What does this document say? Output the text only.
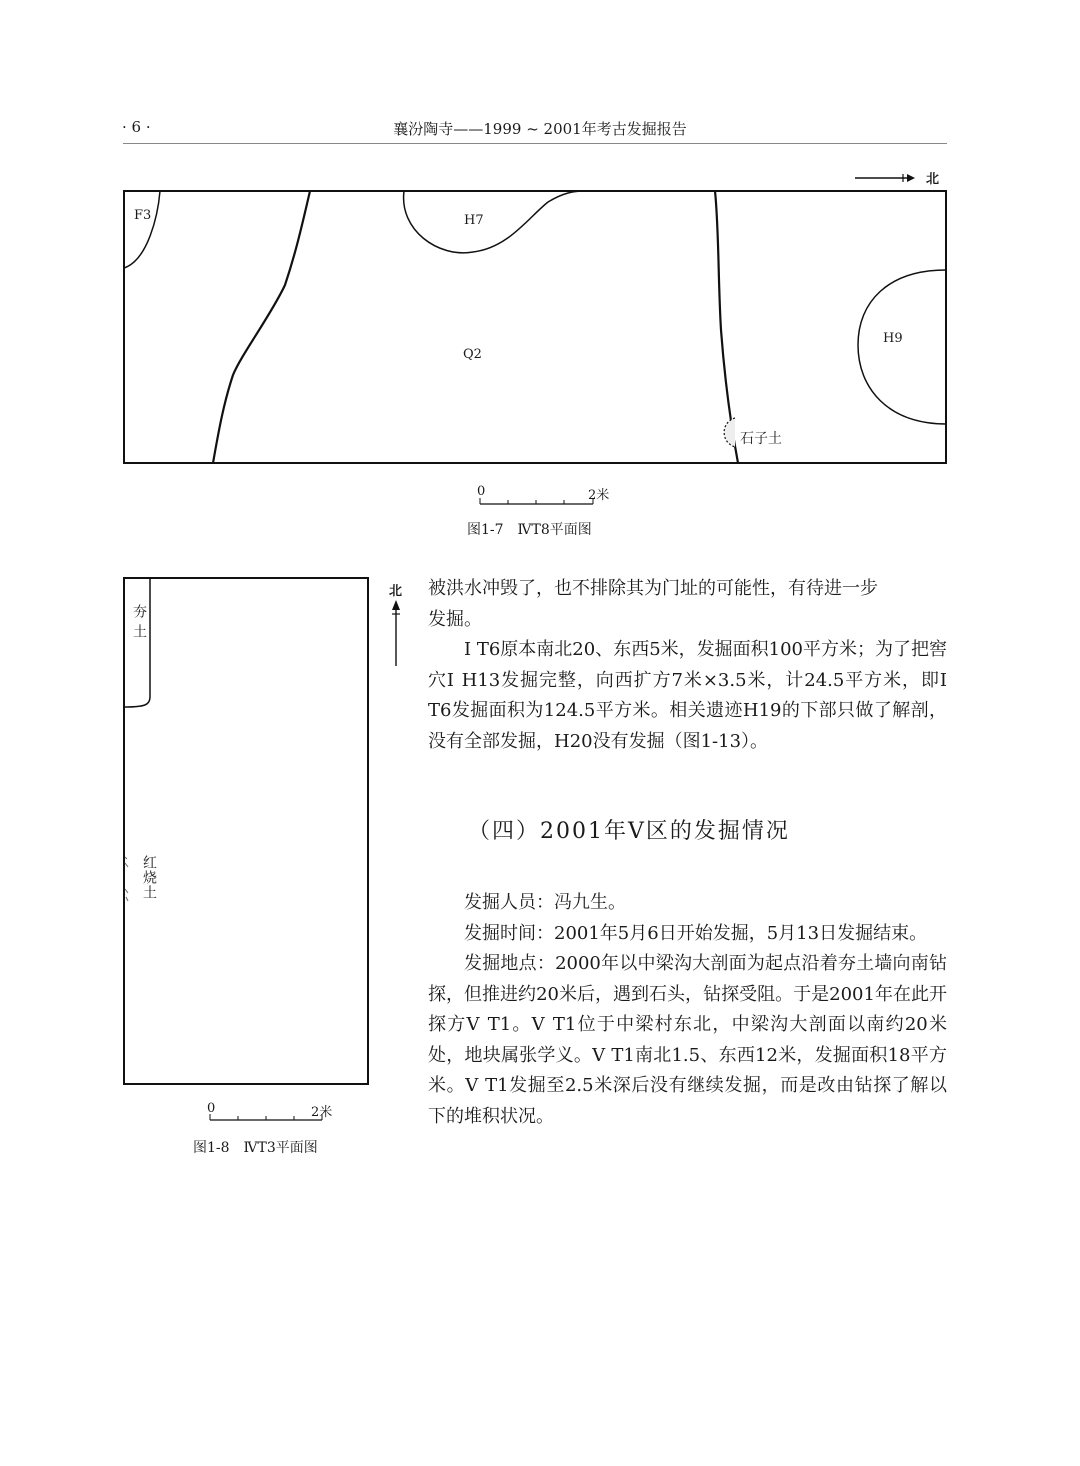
· 6 ·	襄汾陶寺——1999 ~ 2001年考古发掘报告
北
F3	H7
Q2
H9
石子土
0	2米
图1-7　ⅣT8平面图
夯土
红烧土
北
0	2米
图1-8　ⅣT3平面图

被洪水冲毁了，也不排除其为门址的可能性，有待进一步

发掘。

Ⅰ T6原本南北20、东西5米，发掘面积100平方米；为了把窖穴Ⅰ H13发掘完整，向西扩方7米×3.5米，计24.5平方米，即Ⅰ T6发掘面积为124.5平方米。相关遗迹H19的下部只做了解剖，没有全部发掘，H20没有发掘（图1-13）。

（四）2001年Ⅴ区的发掘情况

发掘人员：冯九生。

发掘时间：2001年5月6日开始发掘，5月13日发掘结束。

发掘地点：2000年以中梁沟大剖面为起点沿着夯土墙向南钻探，但推进约20米后，遇到石头，钻探受阻。于是2001年在此开探方Ⅴ T1。Ⅴ T1位于中梁村东北，中梁沟大剖面以南约20米处，地块属张学义。Ⅴ T1南北1.5、东西12米，发掘面积18平方米。Ⅴ T1发掘至2.5米深后没有继续发掘，而是改由钻探了解以下的堆积状况。
